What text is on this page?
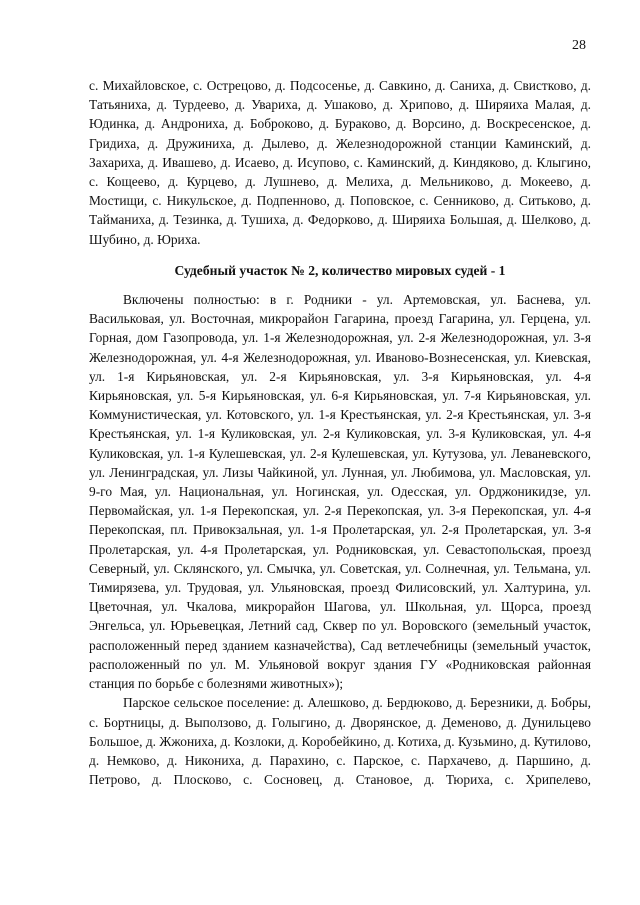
28

с. Михайловское, с. Острецово, д. Подсосенье, д. Савкино, д. Саниха, д. Свистково, д. Татьяниха, д. Турдеево, д. Увариха, д. Ушаково, д. Хрипово, д. Ширяиха Малая, д. Юдинка, д. Андрониха, д. Боброково, д. Бураково, д. Ворсино, д. Воскресенское, д. Гридиха, д. Дружиниха, д. Дылево, д. Железнодорожной станции Каминский, д. Захариха, д. Ивашево, д. Исаево, д. Исупово, с. Каминский, д. Киндяково, д. Клыгино, с. Кощеево, д. Курцево, д. Лушнево, д. Мелиха, д. Мельниково, д. Мокеево, д. Мостищи, с. Никульское, д. Подпенново, д. Поповское, с. Сенниково, д. Ситьково, д. Тайманиха, д. Тезинка, д. Тушиха, д. Федорково, д. Ширяиха Большая, д. Шелково, д. Шубино, д. Юриха.

Судебный участок № 2, количество мировых судей - 1

Включены полностью: в г. Родники - ул. Артемовская, ул. Баснева, ул. Васильковая, ул. Восточная, микрорайон Гагарина, проезд Гагарина, ул. Герцена, ул. Горная, дом Газопровода, ул. 1-я Железнодорожная, ул. 2-я Железнодорожная, ул. 3-я Железнодорожная, ул. 4-я Железнодорожная, ул. Иваново-Вознесенская, ул. Киевская, ул. 1-я Кирьяновская, ул. 2-я Кирьяновская, ул. 3-я Кирьяновская, ул. 4-я Кирьяновская, ул. 5-я Кирьяновская, ул. 6-я Кирьяновская, ул. 7-я Кирьяновская, ул. Коммунистическая, ул. Котовского, ул. 1-я Крестьянская, ул. 2-я Крестьянская, ул. 3-я Крестьянская, ул. 1-я Куликовская, ул. 2-я Куликовская, ул. 3-я Куликовская, ул. 4-я Куликовская, ул. 1-я Кулешевская, ул. 2-я Кулешевская, ул. Кутузова, ул. Леваневского, ул. Ленинградская, ул. Лизы Чайкиной, ул. Лунная, ул. Любимова, ул. Масловская, ул. 9-го Мая, ул. Национальная, ул. Ногинская, ул. Одесская, ул. Орджоникидзе, ул. Первомайская, ул. 1-я Перекопская, ул. 2-я Перекопская, ул. 3-я Перекопская, ул. 4-я Перекопская, пл. Привокзальная, ул. 1-я Пролетарская, ул. 2-я Пролетарская, ул. 3-я Пролетарская, ул. 4-я Пролетарская, ул. Родниковская, ул. Севастопольская, проезд Северный, ул. Склянского, ул. Смычка, ул. Советская, ул. Солнечная, ул. Тельмана, ул. Тимирязева, ул. Трудовая, ул. Ульяновская, проезд Филисовский, ул. Халтурина, ул. Цветочная, ул. Чкалова, микрорайон Шагова, ул. Школьная, ул. Щорса, проезд Энгельса, ул. Юрьевецкая, Летний сад, Сквер по ул. Воровского (земельный участок, расположенный перед зданием казначейства), Сад ветлечебницы (земельный участок, расположенный по ул. М. Ульяновой вокруг здания ГУ «Родниковская районная станция по борьбе с болезнями животных»);

Парское сельское поселение: д. Алешково, д. Бердюково, д. Березники, д. Бобры, с. Бортницы, д. Выползово, д. Голыгино, д. Дворянское, д. Деменово, д. Дунильцево Большое, д. Жжониха, д. Козлоки, д. Коробейкино, д. Котиха, д. Кузьмино, д. Кутилово, д. Немково, д. Никониха, д. Парахино, с. Парское, с. Пархачево, д. Паршино, д. Петрово, д. Плосково, с. Сосновец, д. Становое, д. Тюриха, с. Хрипелево,
